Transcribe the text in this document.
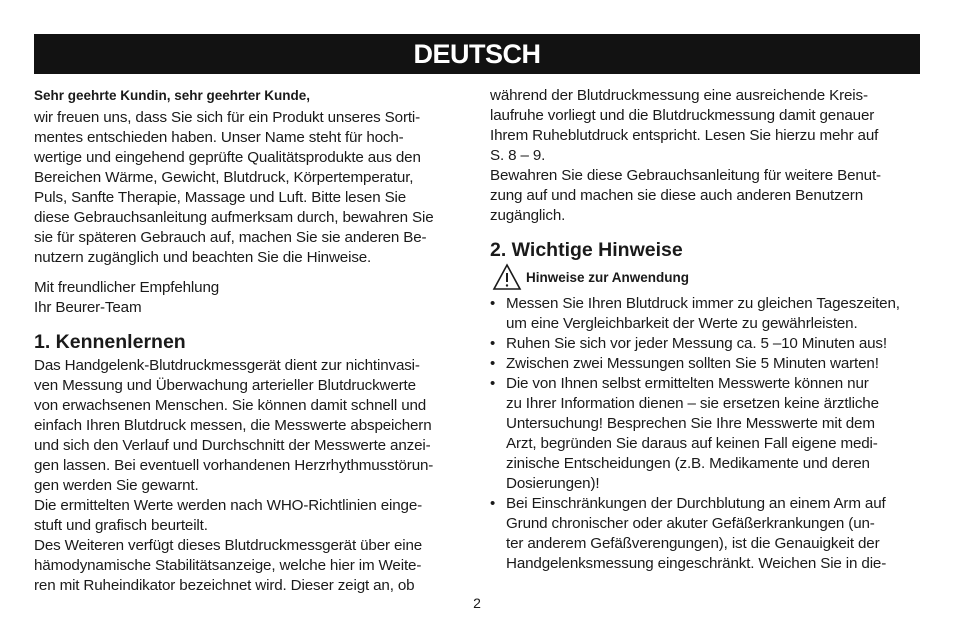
DEUTSCH
Sehr geehrte Kundin, sehr geehrter Kunde,
wir freuen uns, dass Sie sich für ein Produkt unseres Sorti-
mentes entschieden haben. Unser Name steht für hoch-
wertige und eingehend geprüfte Qualitätsprodukte aus den
Bereichen Wärme, Gewicht, Blutdruck, Körpertemperatur,
Puls, Sanfte Therapie, Massage und Luft. Bitte lesen Sie
diese Gebrauchsanleitung aufmerksam durch, bewahren Sie
sie für späteren Gebrauch auf, machen Sie sie anderen Be-
nutzern zugänglich und beachten Sie die Hinweise.
Mit freundlicher Empfehlung
Ihr Beurer-Team
1. Kennenlernen
Das Handgelenk-Blutdruckmessgerät dient zur nichtinvasi-
ven Messung und Überwachung arterieller Blutdruckwerte
von erwachsenen Menschen. Sie können damit schnell und
einfach Ihren Blutdruck messen, die Messwerte abspeichern
und sich den Verlauf und Durchschnitt der Messwerte anzei-
gen lassen. Bei eventuell vorhandenen Herzrhythmusstörun-
gen werden Sie gewarnt.
Die ermittelten Werte werden nach WHO-Richtlinien einge-
stuft und grafisch beurteilt.
Des Weiteren verfügt dieses Blutdruckmessgerät über eine
hämodynamische Stabilitätsanzeige, welche hier im Weite-
ren mit Ruheindikator bezeichnet wird. Dieser zeigt an, ob
während der Blutdruckmessung eine ausreichende Kreis-
laufruhe vorliegt und die Blutdruckmessung damit genauer
Ihrem Ruheblutdruck entspricht. Lesen Sie hierzu mehr auf
S. 8 – 9.
Bewahren Sie diese Gebrauchsanleitung für weitere Benut-
zung auf und machen sie diese auch anderen Benutzern
zugänglich.
2. Wichtige Hinweise
Hinweise zur Anwendung
• Messen Sie Ihren Blutdruck immer zu gleichen Tageszeiten,
um eine Vergleichbarkeit der Werte zu gewährleisten.
• Ruhen Sie sich vor jeder Messung ca. 5 –10 Minuten aus!
• Zwischen zwei Messungen sollten Sie 5 Minuten warten!
• Die von Ihnen selbst ermittelten Messwerte können nur
zu Ihrer Information dienen – sie ersetzen keine ärztliche
Untersuchung! Besprechen Sie Ihre Messwerte mit dem
Arzt, begründen Sie daraus auf keinen Fall eigene medi-
zinische Entscheidungen (z.B. Medikamente und deren
Dosierungen)!
• Bei Einschränkungen der Durchblutung an einem Arm auf
Grund chronischer oder akuter Gefäßerkrankungen (un-
ter anderem Gefäßverengungen), ist die Genauigkeit der
Handgelenksmessung eingeschränkt. Weichen Sie in die-
2
